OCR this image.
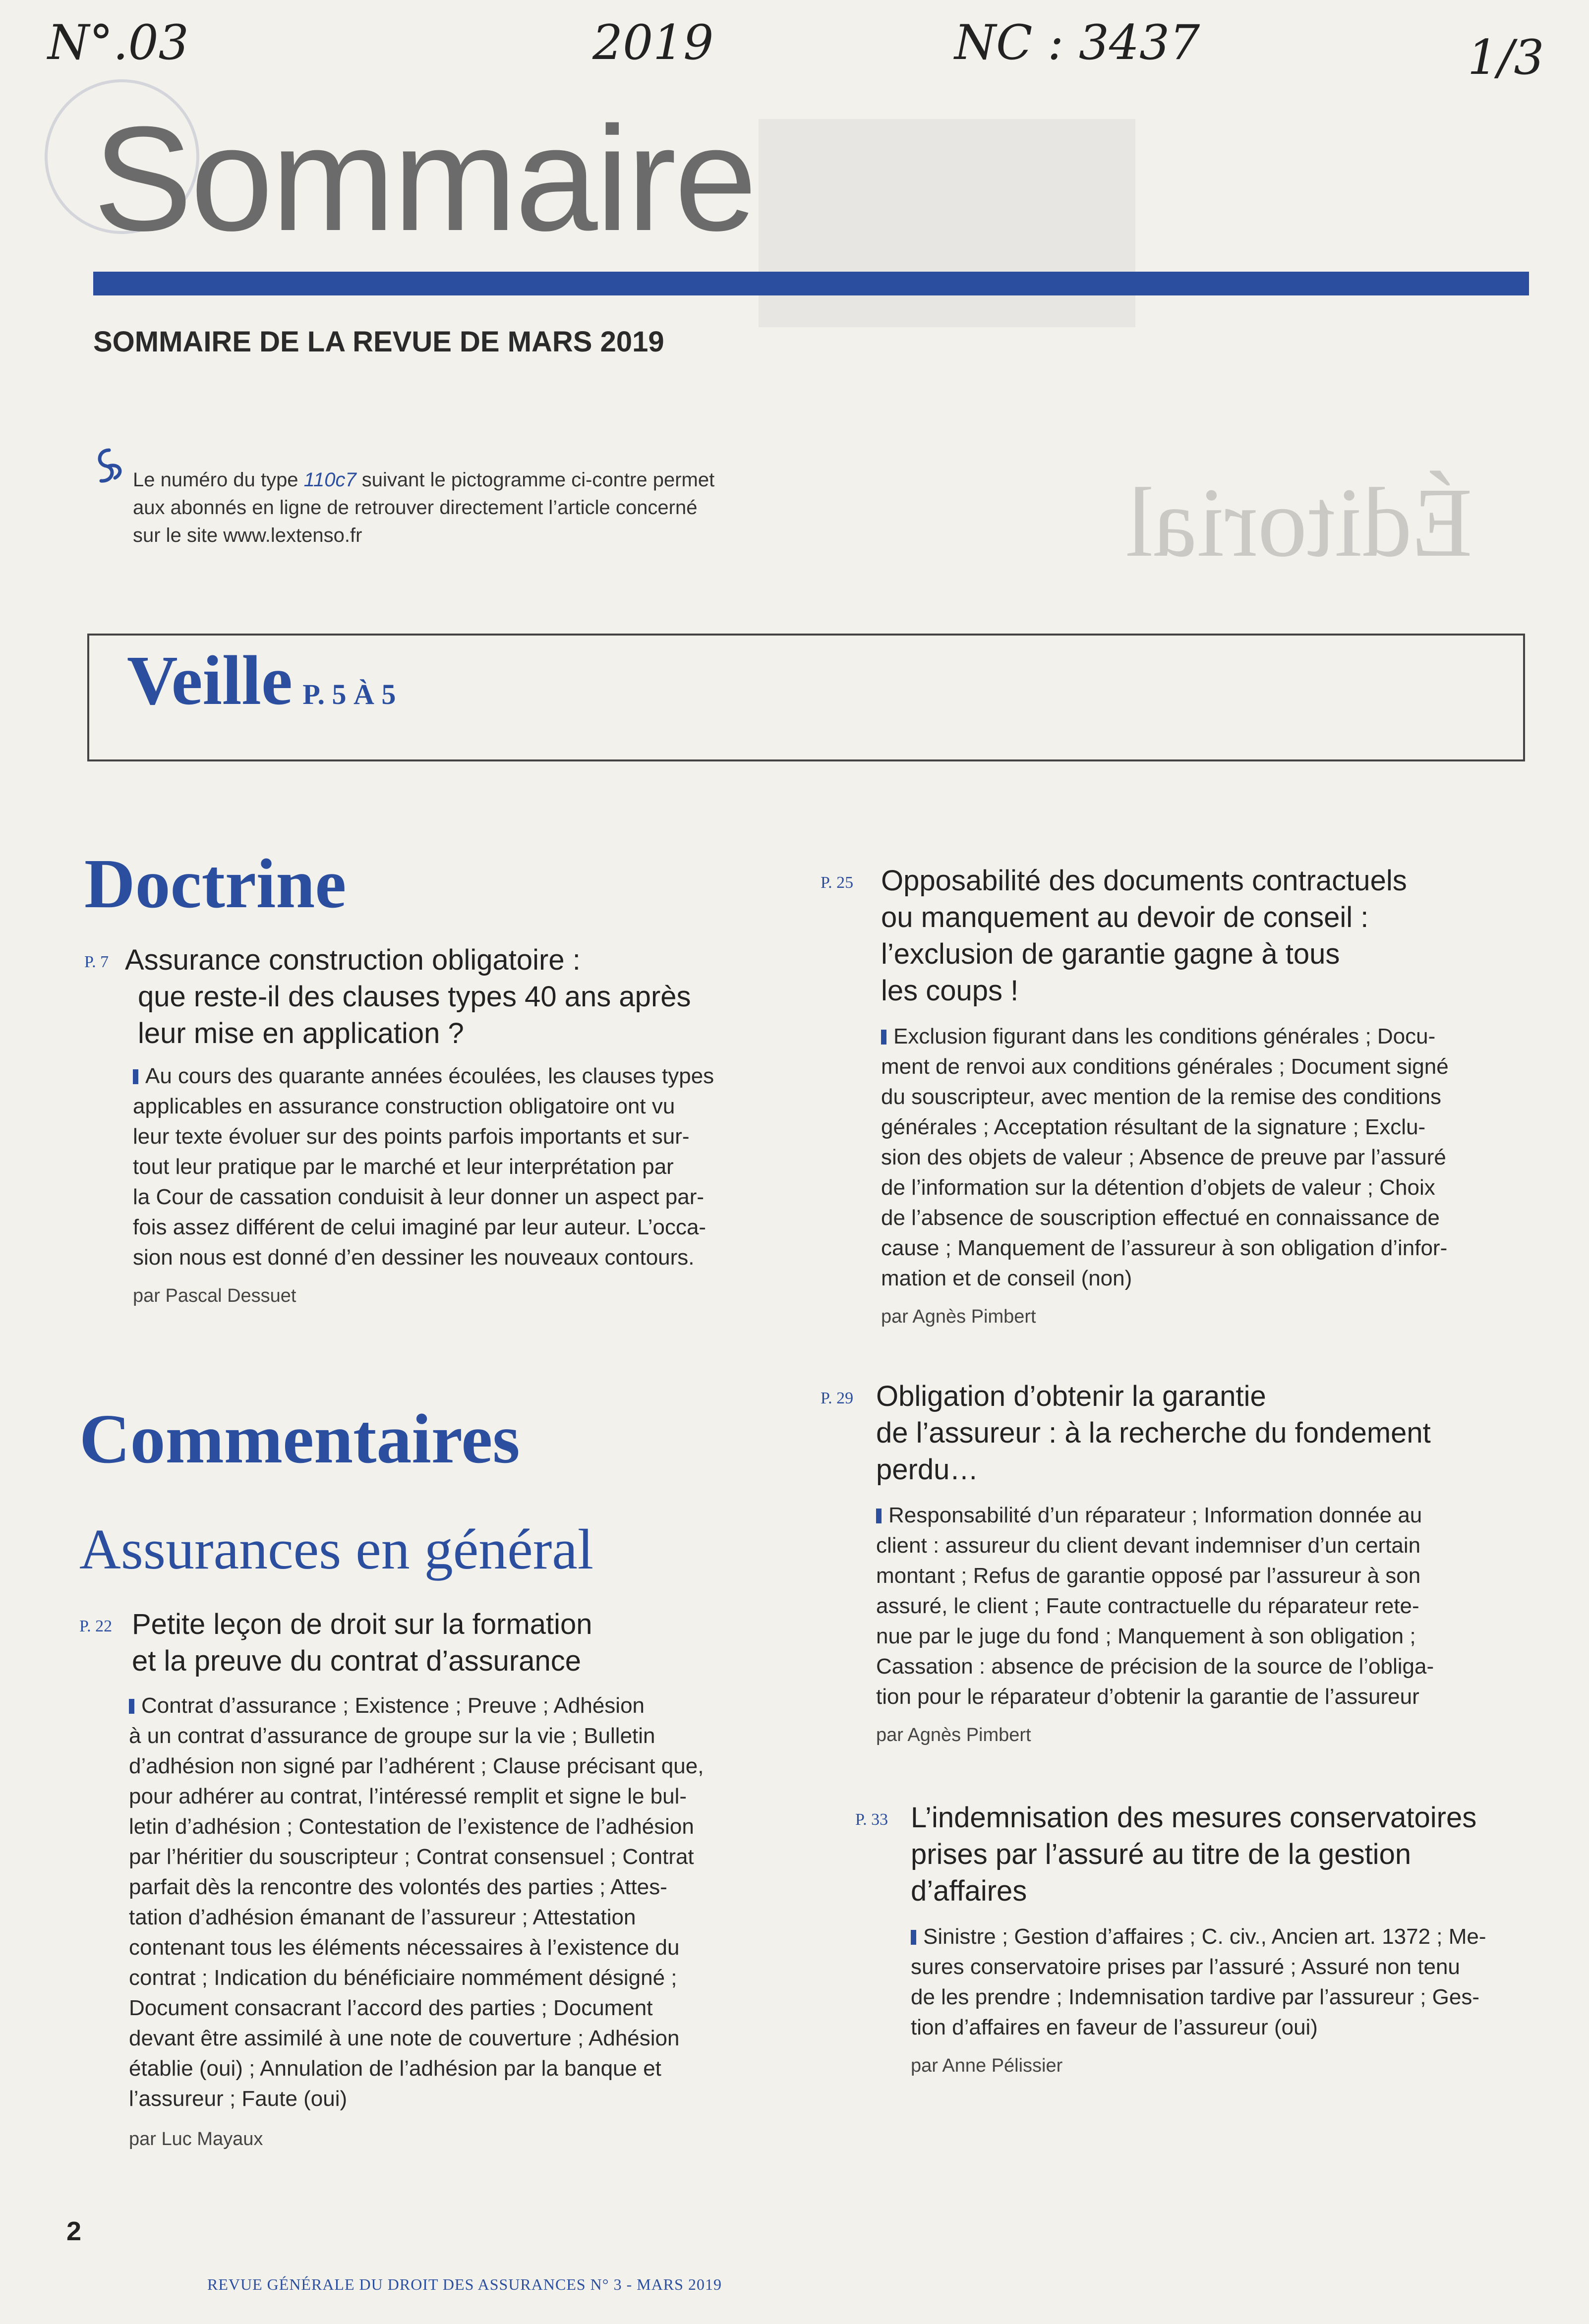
Éditorial
N°.03	2019	NC : 3437	1/3
Sommaire
SOMMAIRE DE LA REVUE DE MARS 2019
Le numéro du type 110c7 suivant le pictogramme ci-contre permet
aux abonnés en ligne de retrouver directement l’article concerné
sur le site www.lextenso.fr
Veille P. 5 À 5
Doctrine
P. 7 Assurance construction obligatoire :
que reste-il des clauses types 40 ans après
leur mise en application ?
Au cours des quarante années écoulées, les clauses types
applicables en assurance construction obligatoire ont vu
leur texte évoluer sur des points parfois importants et sur-
tout leur pratique par le marché et leur interprétation par
la Cour de cassation conduisit à leur donner un aspect par-
fois assez différent de celui imaginé par leur auteur. L’occa-
sion nous est donné d’en dessiner les nouveaux contours.
par Pascal Dessuet
Commentaires
Assurances en général
P. 22 Petite leçon de droit sur la formation
et la preuve du contrat d’assurance
Contrat d’assurance ; Existence ; Preuve ; Adhésion
à un contrat d’assurance de groupe sur la vie ; Bulletin
d’adhésion non signé par l’adhérent ; Clause précisant que,
pour adhérer au contrat, l’intéressé remplit et signe le bul-
letin d’adhésion ; Contestation de l’existence de l’adhésion
par l’héritier du souscripteur ; Contrat consensuel ; Contrat
parfait dès la rencontre des volontés des parties ; Attes-
tation d’adhésion émanant de l’assureur ; Attestation
contenant tous les éléments nécessaires à l’existence du
contrat ; Indication du bénéficiaire nommément désigné ;
Document consacrant l’accord des parties ; Document
devant être assimilé à une note de couverture ; Adhésion
établie (oui) ; Annulation de l’adhésion par la banque et
l’assureur ; Faute (oui)
par Luc Mayaux
P. 25 Opposabilité des documents contractuels
ou manquement au devoir de conseil :
l’exclusion de garantie gagne à tous
les coups !
Exclusion figurant dans les conditions générales ; Docu-
ment de renvoi aux conditions générales ; Document signé
du souscripteur, avec mention de la remise des conditions
générales ; Acceptation résultant de la signature ; Exclu-
sion des objets de valeur ; Absence de preuve par l’assuré
de l’information sur la détention d’objets de valeur ; Choix
de l’absence de souscription effectué en connaissance de
cause ; Manquement de l’assureur à son obligation d’infor-
mation et de conseil (non)
par Agnès Pimbert
P. 29 Obligation d’obtenir la garantie
de l’assureur : à la recherche du fondement
perdu…
Responsabilité d’un réparateur ; Information donnée au
client : assureur du client devant indemniser d’un certain
montant ; Refus de garantie opposé par l’assureur à son
assuré, le client ; Faute contractuelle du réparateur rete-
nue par le juge du fond ; Manquement à son obligation ;
Cassation : absence de précision de la source de l’obliga-
tion pour le réparateur d’obtenir la garantie de l’assureur
par Agnès Pimbert
P. 33 L’indemnisation des mesures conservatoires
prises par l’assuré au titre de la gestion
d’affaires
Sinistre ; Gestion d’affaires ; C. civ., Ancien art. 1372 ; Me-
sures conservatoire prises par l’assuré ; Assuré non tenu
de les prendre ; Indemnisation tardive par l’assureur ; Ges-
tion d’affaires en faveur de l’assureur (oui)
par Anne Pélissier
2
REVUE GÉNÉRALE DU DROIT DES ASSURANCES N° 3 - MARS 2019
